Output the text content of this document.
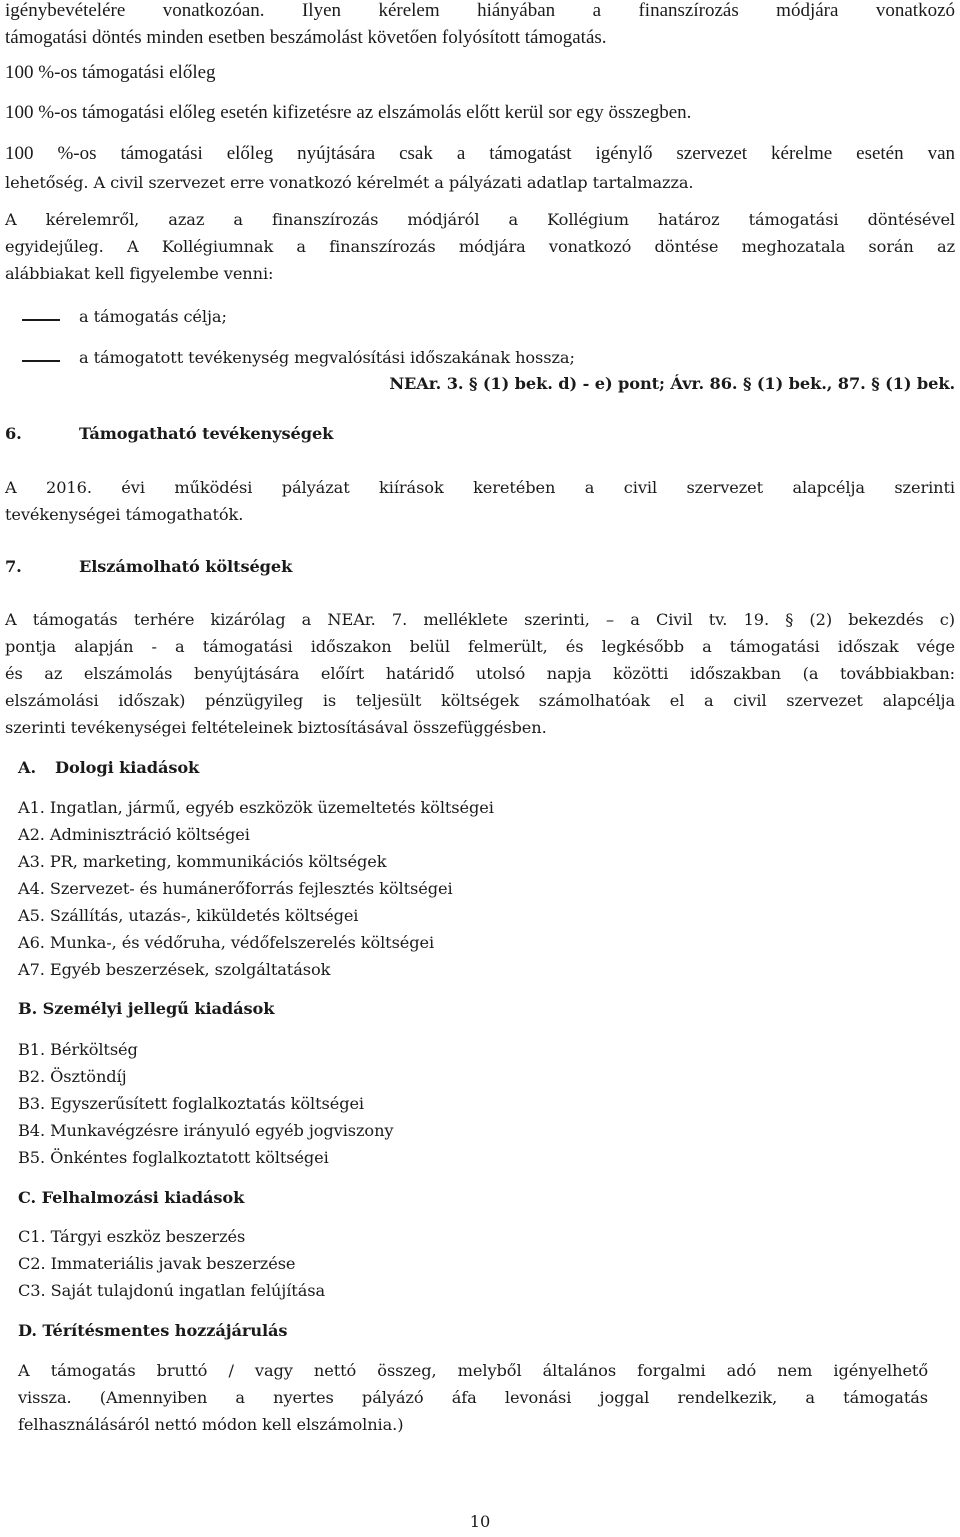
igénybevételére vonatkozóan. Ilyen kérelem hiányában a finanszírozás módjára vonatkozó

támogatási döntés minden esetben beszámolást követően folyósított támogatás.

100 %-os támogatási előleg

100 %-os támogatási előleg esetén kifizetésre az elszámolás előtt kerül sor egy összegben.

100 %-os támogatási előleg nyújtására csak a támogatást igénylő szervezet kérelme esetén van

lehetőség. A civil szervezet erre vonatkozó kérelmét a pályázati adatlap tartalmazza.

A kérelemről, azaz a finanszírozás módjáról a Kollégium határoz támogatási döntésével

egyidejűleg. A Kollégiumnak a finanszírozás módjára vonatkozó döntése meghozatala során az

alábbiakat kell figyelembe venni:

a támogatás célja;

a támogatott tevékenység megvalósítási időszakának hossza;

NEAr. 3. § (1) bek. d) - e) pont; Ávr. 86. § (1) bek., 87. § (1) bek.

6.	Támogatható tevékenységek

A 2016. évi működési pályázat kiírások keretében a civil szervezet alapcélja szerinti

tevékenységei támogathatók.

7.	Elszámolható költségek

A támogatás terhére kizárólag a NEAr. 7. melléklete szerinti, – a Civil tv. 19. § (2) bekezdés c)

pontja alapján - a támogatási időszakon belül felmerült, és legkésőbb a támogatási időszak vége

és az elszámolás benyújtására előírt határidő utolsó napja közötti időszakban (a továbbiakban:

elszámolási időszak) pénzügyileg is teljesült költségek számolhatóak el a civil szervezet alapcélja

szerinti tevékenységei feltételeinek biztosításával összefüggésben.

A. Dologi kiadások

A1. Ingatlan, jármű, egyéb eszközök üzemeltetés költségei

A2. Adminisztráció költségei

A3. PR, marketing, kommunikációs költségek

A4. Szervezet- és humánerőforrás fejlesztés költségei

A5. Szállítás, utazás-, kiküldetés költségei

A6. Munka-, és védőruha, védőfelszerelés költségei

A7. Egyéb beszerzések, szolgáltatások

B. Személyi jellegű kiadások

B1. Bérköltség

B2. Ösztöndíj

B3. Egyszerűsített foglalkoztatás költségei

B4. Munkavégzésre irányuló egyéb jogviszony

B5. Önkéntes foglalkoztatott költségei

C. Felhalmozási kiadások

C1. Tárgyi eszköz beszerzés

C2. Immateriális javak beszerzése

C3. Saját tulajdonú ingatlan felújítása

D. Térítésmentes hozzájárulás

A támogatás bruttó / vagy nettó összeg, melyből általános forgalmi adó nem igényelhető

vissza. (Amennyiben a nyertes pályázó áfa levonási joggal rendelkezik, a támogatás

felhasználásáról nettó módon kell elszámolnia.)

10
